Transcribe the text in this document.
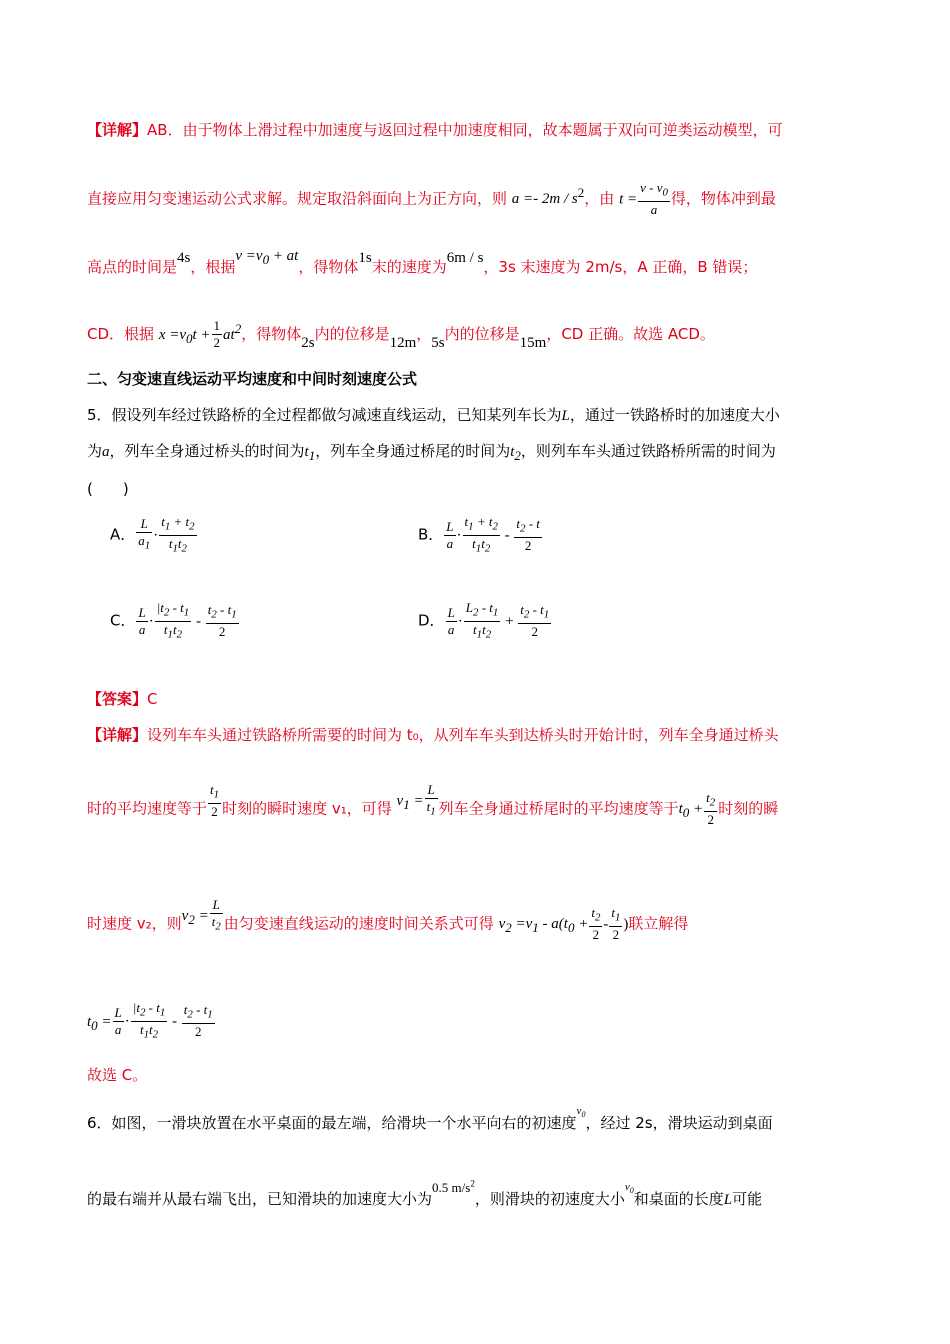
【详解】AB．由于物体上滑过程中加速度与返回过程中加速度相同，故本题属于双向可逆类运动模型，可
直接应用匀变速运动公式求解。规定取沿斜面向上为正方向，则 $a =- 2m / s^2$，由 $t = \frac{v - v_0}{a}$ 得，物体冲到最
高点的时间是4s，根据$v =v_0$ + at，得物体1s末的速度为6m / s，3s 末速度为 2m/s，A 正确，B 错误；
CD．根据 $x =v_0t + \frac{1}{2} at^2$，得物体2s内的位移是12m，5s内的位移是15m，CD 正确。故选 ACD。
二、匀变速直线运动平均速度和中间时刻速度公式
5．假设列车经过铁路桥的全过程都做匀减速直线运动，已知某列车长为L，通过一铁路桥时的加速度大小
为a，列车全身通过桥头的时间为$t_1$，列车全身通过桥尾的时间为$t_2$，则列车车头通过铁路桥所需的时间为
(　　)
A． $\frac{L}{a_1} \cdot \frac{t_1 + t_2}{t_1t_2}$	B． $\frac{L}{a} \cdot \frac{t_1 + t_2}{t_1t_2} - \frac{t_2 - t}{2}$
C． $\frac{L}{a} \cdot \frac{|t_2 - t_1}{t_1t_2} - \frac{t_2 - t_1}{2}$	D． $\frac{L}{a} \cdot \frac{L_2 - t_1}{t_1t_2} + \frac{t_2 - t_1}{2}$
【答案】C
【详解】设列车车头通过铁路桥所需要的时间为 t₀，从列车车头到达桥头时开始计时，列车全身通过桥头
时的平均速度等于 $\frac{t_1}{2}$ 时刻的瞬时速度 v₁，可得 $v_1 = \frac{L}{t_1}$ 列车全身通过桥尾时的平均速度等于$t_0 + \frac{t_2}{2}$ 时刻的瞬
时速度 v₂，则$v_2 = \frac{L}{t_2}$ 由匀变速直线运动的速度时间关系式可得 $v_2 =v_1 - a(t_0 + \frac{t_2}{2} - \frac{t_1}{2}$ )联立解得
$t_0 = \frac{L}{a} \cdot \frac{|t_2 - t_1}{t_1t_2} - \frac{t_2 - t_1}{2}$
故选 C。
6．如图，一滑块放置在水平桌面的最左端，给滑块一个水平向右的初速度$^{v_0}$，经过 2s，滑块运动到桌面
的最右端并从最右端飞出，已知滑块的加速度大小为0.5 $m/s^2$，则滑块的初速度大小$^{v_0}$和桌面的长度L可能
